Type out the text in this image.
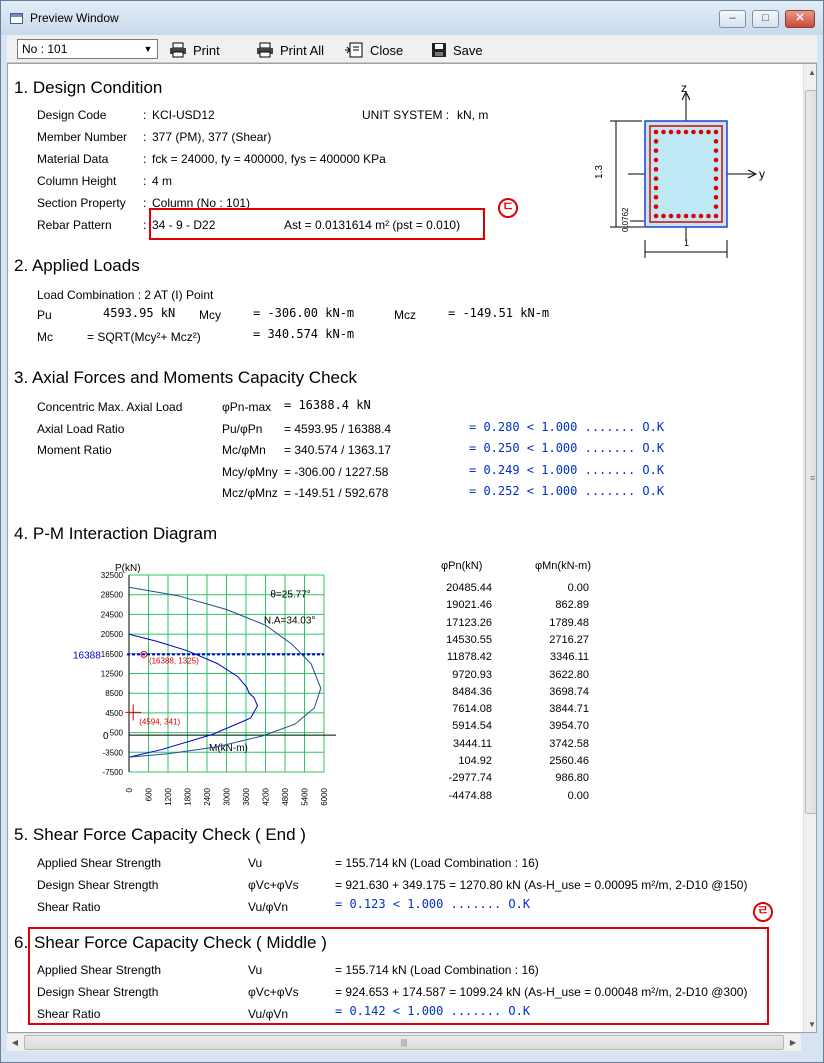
Preview Window	–	□	✕
No : 101	▼	Print	Print All	Close	Save
1. Design Condition
Design Code	: KCI-USD12
Member Number : 377 (PM), 377 (Shear)
Material Data	: fck = 24000, fy = 400000, fys = 400000 KPa
Column Height : 4 m
Section Property : Column (No : 101)
Rebar Pattern	: 34 - 9 - D22	Ast = 0.0131614 m² (pst = 0.010)
UNIT SYSTEM : kN, m
ㄷ
z
y
1.3
0.0762
1
2. Applied Loads
Load Combination : 2 AT (I) Point
Pu	4593.95 kN Mcy	= -306.00 kN-m	Mcz	= -149.51 kN-m
Mc	= SQRT(Mcy²+ Mcz²)	= 340.574 kN-m
3. Axial Forces and Moments Capacity Check
Concentric Max. Axial Load	φPn-max = 16388.4 kN
Axial Load Ratio	Pu/φPn = 4593.95 / 16388.4	= 0.280 < 1.000 ....... O.K
Moment Ratio	Mc/φMn = 340.574 / 1363.17	= 0.250 < 1.000 ....... O.K
Mcy/φMny = -306.00 / 1227.58	= 0.249 < 1.000 ....... O.K
Mcz/φMnz = -149.51 / 592.678	= 0.252 < 1.000 ....... O.K
4. P-M Interaction Diagram
32500
28500
24500
20500
16500
12500
8500
4500
500
-3500
-7500
0 600 1200 1800 2400 3000 3600 4200 4800 5400 6000
0
P(kN)
M(kN-m)
θ=25.77°
N.A=34.03°
16388	(16388, 1325)
(4594, 341)
φPn(kN)	φMn(kN-m)
20485.44	0.00
19021.46	862.89
17123.26	1789.48
14530.55	2716.27
11878.42	3346.11
9720.93	3622.80
8484.36	3698.74
7614.08	3844.71
5914.54	3954.70
3444.11	3742.58
104.92	2560.46
-2977.74	986.80
-4474.88	0.00
5. Shear Force Capacity Check ( End )
Applied Shear Strength	Vu	= 155.714 kN (Load Combination : 16)
Design Shear Strength	φVc+φVs	= 921.630 + 349.175 = 1270.80 kN (As-H_use = 0.00095 m²/m, 2-D10 @150)
Shear Ratio	Vu/φVn	= 0.123 < 1.000 ....... O.K	ㄹ
6. Shear Force Capacity Check ( Middle )
Applied Shear Strength	Vu	= 155.714 kN (Load Combination : 16)
Design Shear Strength	φVc+φVs	= 924.653 + 174.587 = 1099.24 kN (As-H_use = 0.00048 m²/m, 2-D10 @300)
Shear Ratio	Vu/φVn	= 0.142 < 1.000 ....... O.K
▲
≡
▼
◀	|||	▶
